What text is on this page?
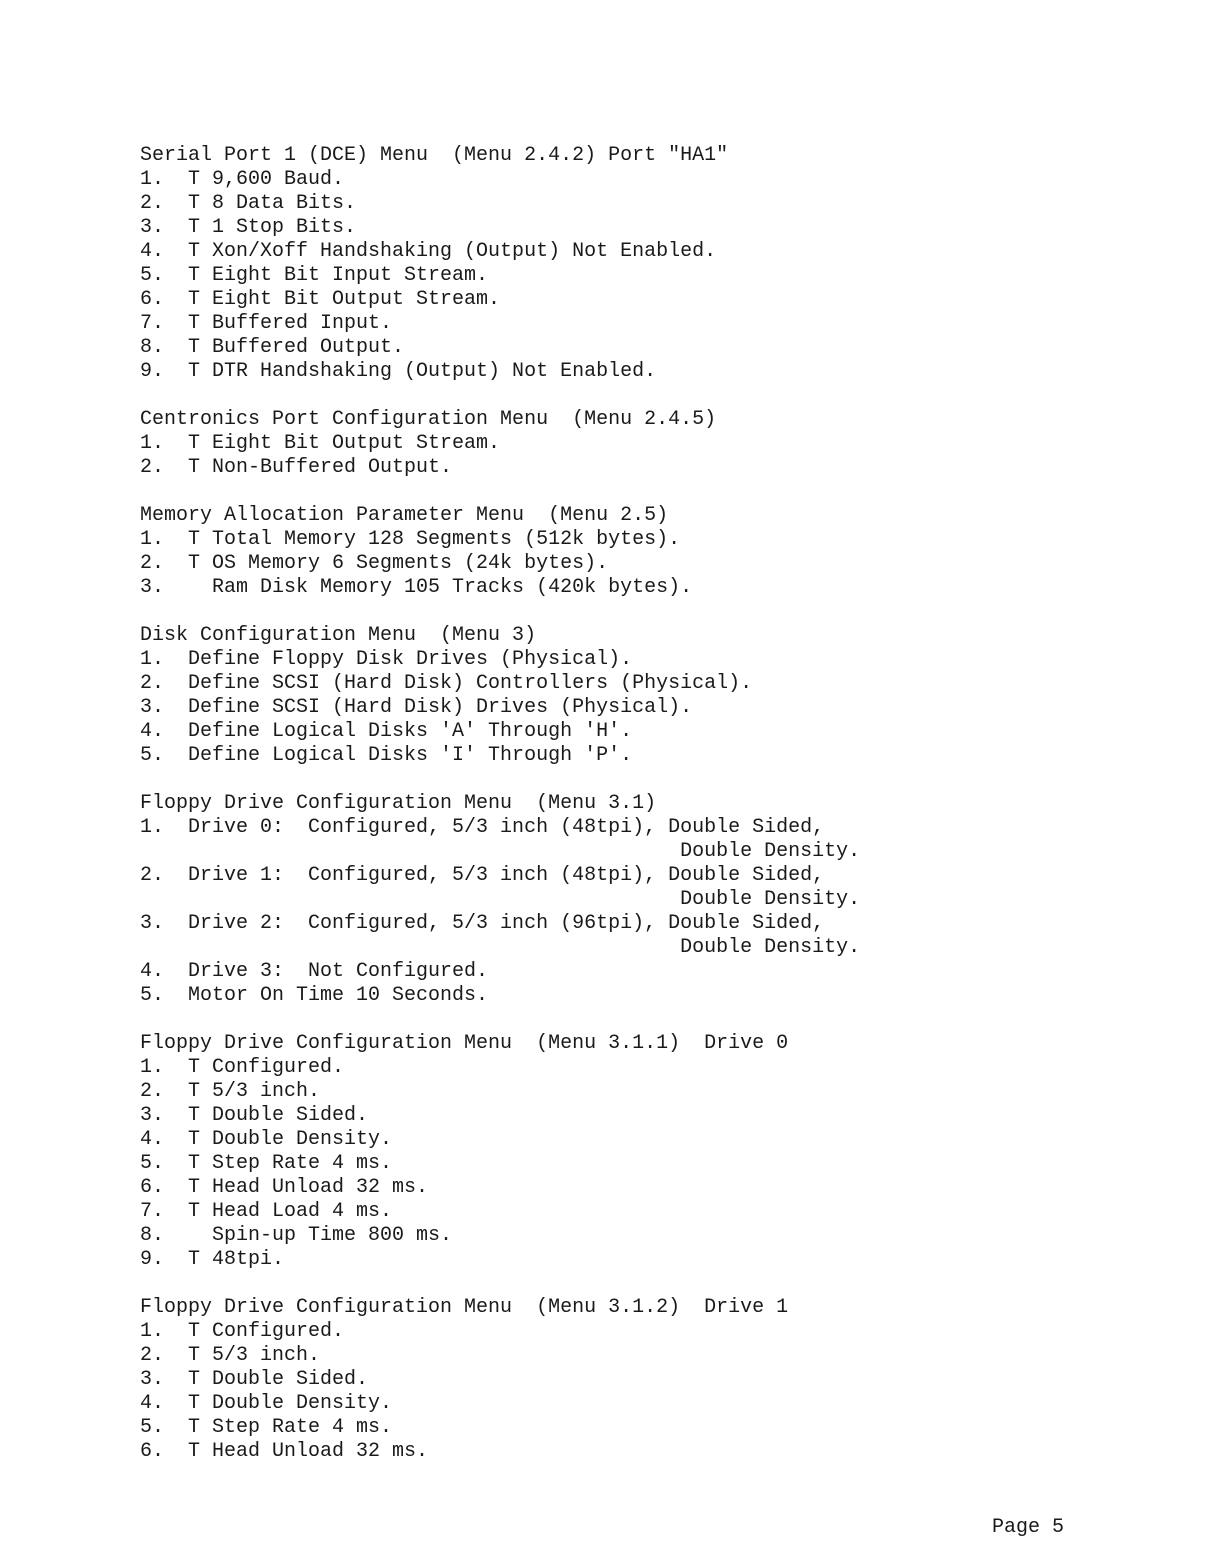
Serial Port 1 (DCE) Menu  (Menu 2.4.2) Port "HA1"
1.  T 9,600 Baud.
2.  T 8 Data Bits.
3.  T 1 Stop Bits.
4.  T Xon/Xoff Handshaking (Output) Not Enabled.
5.  T Eight Bit Input Stream.
6.  T Eight Bit Output Stream.
7.  T Buffered Input.
8.  T Buffered Output.
9.  T DTR Handshaking (Output) Not Enabled.
Centronics Port Configuration Menu  (Menu 2.4.5)
1.  T Eight Bit Output Stream.
2.  T Non-Buffered Output.
Memory Allocation Parameter Menu  (Menu 2.5)
1.  T Total Memory 128 Segments (512k bytes).
2.  T OS Memory 6 Segments (24k bytes).
3.    Ram Disk Memory 105 Tracks (420k bytes).
Disk Configuration Menu  (Menu 3)
1.  Define Floppy Disk Drives (Physical).
2.  Define SCSI (Hard Disk) Controllers (Physical).
3.  Define SCSI (Hard Disk) Drives (Physical).
4.  Define Logical Disks 'A' Through 'H'.
5.  Define Logical Disks 'I' Through 'P'.
Floppy Drive Configuration Menu  (Menu 3.1)
1.  Drive 0:  Configured, 5/3 inch (48tpi), Double Sided,
Double Density.
2.  Drive 1:  Configured, 5/3 inch (48tpi), Double Sided,
Double Density.
3.  Drive 2:  Configured, 5/3 inch (96tpi), Double Sided,
Double Density.
4.  Drive 3:  Not Configured.
5.  Motor On Time 10 Seconds.
Floppy Drive Configuration Menu  (Menu 3.1.1)  Drive 0
1.  T Configured.
2.  T 5/3 inch.
3.  T Double Sided.
4.  T Double Density.
5.  T Step Rate 4 ms.
6.  T Head Unload 32 ms.
7.  T Head Load 4 ms.
8.    Spin-up Time 800 ms.
9.  T 48tpi.
Floppy Drive Configuration Menu  (Menu 3.1.2)  Drive 1
1.  T Configured.
2.  T 5/3 inch.
3.  T Double Sided.
4.  T Double Density.
5.  T Step Rate 4 ms.
6.  T Head Unload 32 ms.
Page 5
